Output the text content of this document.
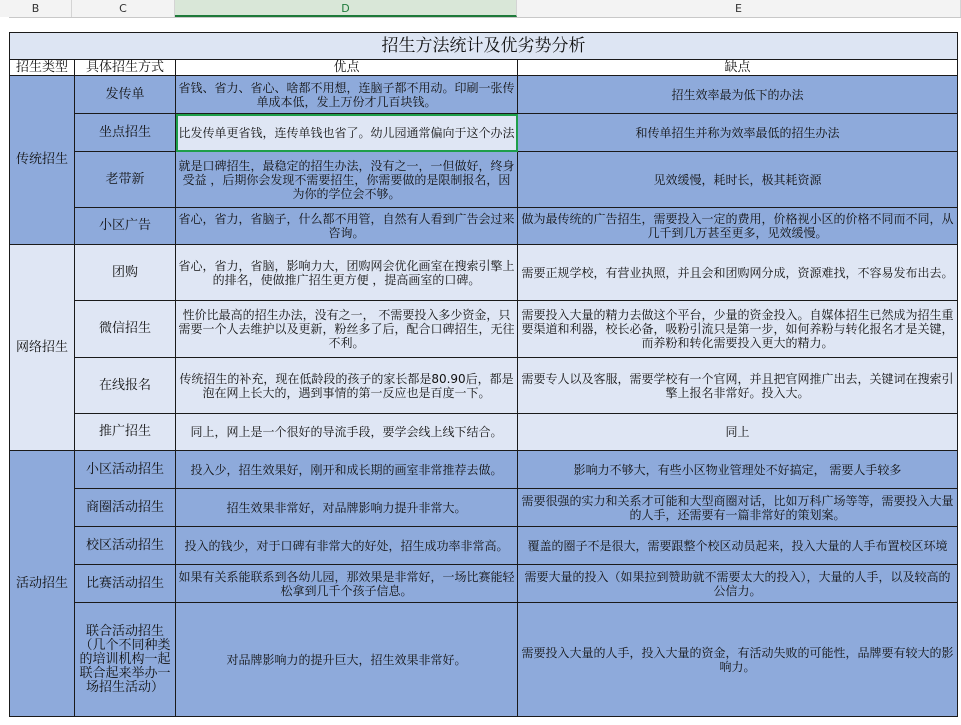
B	C	D	E
招生方法统计及优劣势分析			
招生类型	具体招生方式	优点	缺点
传统招生	发传单	省钱、省力、省心、啥都不用想，连脑子都不用动。印刷一张传单成本低，发上万份才几百块钱。	招生效率最为低下的办法
	坐点招生	比发传单更省钱，连传单钱也省了。幼儿园通常偏向于这个办法	和传单招生并称为效率最低的招生办法
	老带新	就是口碑招生，最稳定的招生办法，没有之一，一但做好，终身受益 ，后期你会发现不需要招生，你需要做的是限制报名，因为你的学位会不够。	见效缓慢，耗时长，极其耗资源
	小区广告	省心，省力，省脑子，什么都不用管，自然有人看到广告会过来咨询。	做为最传统的广告招生，需要投入一定的费用，价格视小区的价格不同而不同，从几千到几万甚至更多，见效缓慢。
网络招生	团购	省心，省力，省脑，影响力大，团购网会优化画室在搜索引擎上的排名，使做推广招生更方便 ，提高画室的口碑。	需要正规学校，有营业执照，并且会和团购网分成，资源难找，不容易发布出去。
	微信招生	性价比最高的招生办法，没有之一， 不需要投入多少资金，只需要一个人去维护以及更新，粉丝多了后，配合口碑招生，无往不利。	需要投入大量的精力去做这个平台，少量的资金投入。自媒体招生已然成为招生重要渠道和利器，校长必备，吸粉引流只是第一步，如何养粉与转化报名才是关键，而养粉和转化需要投入更大的精力。
	在线报名	传统招生的补充，现在低龄段的孩子的家长都是80.90后，都是泡在网上长大的，遇到事情的第一反应也是百度一下。	需要专人以及客服，需要学校有一个官网，并且把官网推广出去，关键词在搜索引擎上报名非常好。投入大。
	推广招生	同上，网上是一个很好的导流手段，要学会线上线下结合。	同上
活动招生	小区活动招生	投入少，招生效果好，刚开和成长期的画室非常推荐去做。	影响力不够大，有些小区物业管理处不好搞定， 需要人手较多
	商圈活动招生	招生效果非常好，对品牌影响力提升非常大。	需要很强的实力和关系才可能和大型商圈对话，比如万科广场等等，需要投入大量的人手，还需要有一篇非常好的策划案。
	校区活动招生	投入的钱少，对于口碑有非常大的好处，招生成功率非常高。	覆盖的圈子不是很大，需要跟整个校区动员起来，投入大量的人手布置校区环境
	比赛活动招生	如果有关系能联系到各幼儿园，那效果是非常好，一场比赛能轻松拿到几千个孩子信息。	需要大量的投入（如果拉到赞助就不需要太大的投入），大量的人手，以及较高的公信力。
	联合活动招生（几个不同种类的培训机构一起联合起来举办一场招生活动）	对品牌影响力的提升巨大，招生效果非常好。	需要投入大量的人手，投入大量的资金，有活动失败的可能性，品牌要有较大的影响力。
